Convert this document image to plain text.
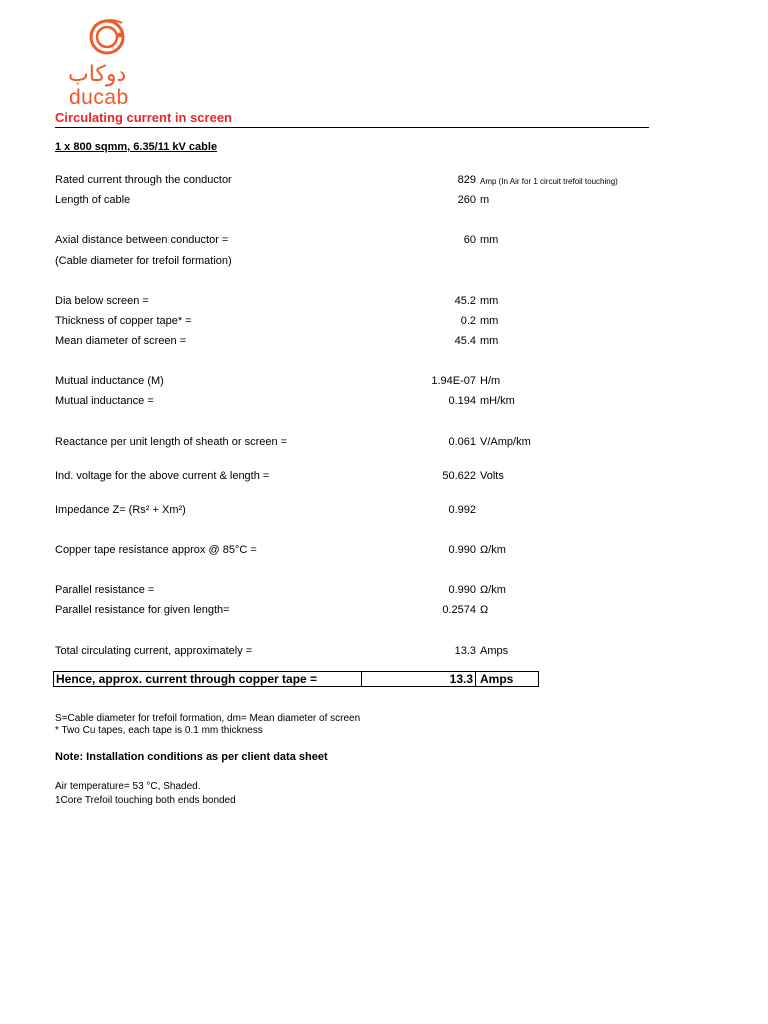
دوكاب
ducab
Circulating current in screen
1 x 800 sqmm, 6.35/11 kV cable
Rated current through the conductor	829 Amp (In Air for 1 circuit trefoil touching)
Length of cable	260 m
Axial distance between conductor =	60 mm
(Cable diameter for trefoil formation)
Dia below screen =	45.2 mm
Thickness of copper tape* =	0.2 mm
Mean diameter of screen =	45.4 mm
Mutual inductance (M)	1.94E-07 H/m
Mutual inductance =	0.194 mH/km
Reactance per unit length of sheath or screen =	0.061 V/Amp/km
Ind. voltage for the above current & length =	50.622 Volts
Impedance Z= (Rs² + Xm²)	0.992
Copper tape resistance approx @ 85°C =	0.990 Ω/km
Parallel resistance =	0.990 Ω/km
Parallel resistance for given length=	0.2574 Ω
Total circulating current, approximately =	13.3 Amps
Hence, approx. current through copper tape =	13.3 Amps
S=Cable diameter for trefoil formation, dm= Mean diameter of screen
* Two Cu tapes, each tape is 0.1 mm thickness
Note: Installation conditions as per client data sheet
Air temperature= 53 °C, Shaded.
1Core Trefoil touching both ends bonded
